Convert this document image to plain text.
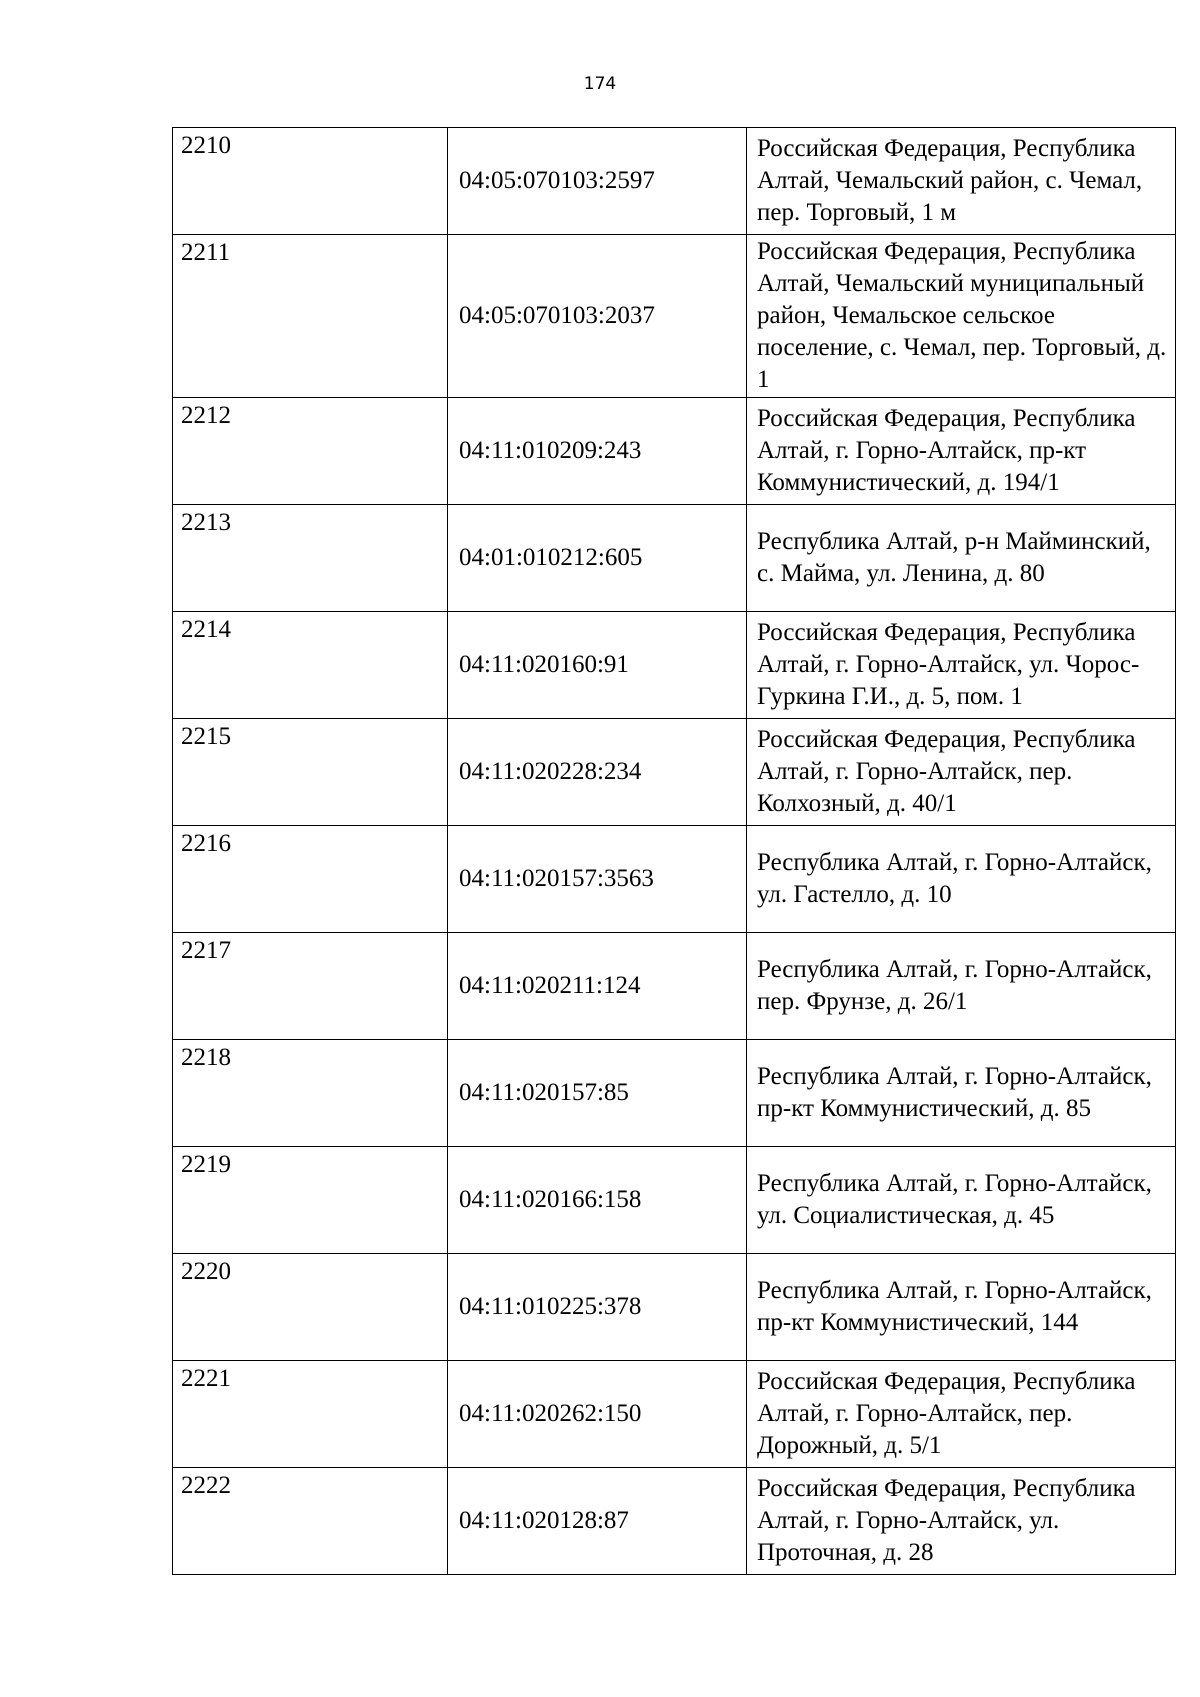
174
2210	04:05:070103:2597	Российская Федерация, Республика Алтай, Чемальский район, с. Чемал, пер. Торговый, 1 м
2211	04:05:070103:2037	Российская Федерация, Республика Алтай, Чемальский муниципальный район, Чемальское сельское поселение, с. Чемал, пер. Торговый, д. 1
2212	04:11:010209:243	Российская Федерация, Республика Алтай, г. Горно-Алтайск, пр-кт Коммунистический, д. 194/1
2213	04:01:010212:605	Республика Алтай, р-н Майминский, с. Майма, ул. Ленина, д. 80
2214	04:11:020160:91	Российская Федерация, Республика Алтай, г. Горно-Алтайск, ул. Чорос-Гуркина Г.И., д. 5, пом. 1
2215	04:11:020228:234	Российская Федерация, Республика Алтай, г. Горно-Алтайск, пер. Колхозный, д. 40/1
2216	04:11:020157:3563	Республика Алтай, г. Горно-Алтайск, ул. Гастелло, д. 10
2217	04:11:020211:124	Республика Алтай, г. Горно-Алтайск, пер. Фрунзе, д. 26/1
2218	04:11:020157:85	Республика Алтай, г. Горно-Алтайск, пр-кт Коммунистический, д. 85
2219	04:11:020166:158	Республика Алтай, г. Горно-Алтайск, ул. Социалистическая, д. 45
2220	04:11:010225:378	Республика Алтай, г. Горно-Алтайск, пр-кт Коммунистический, 144
2221	04:11:020262:150	Российская Федерация, Республика Алтай, г. Горно-Алтайск, пер. Дорожный, д. 5/1
2222	04:11:020128:87	Российская Федерация, Республика Алтай, г. Горно-Алтайск, ул. Проточная, д. 28
